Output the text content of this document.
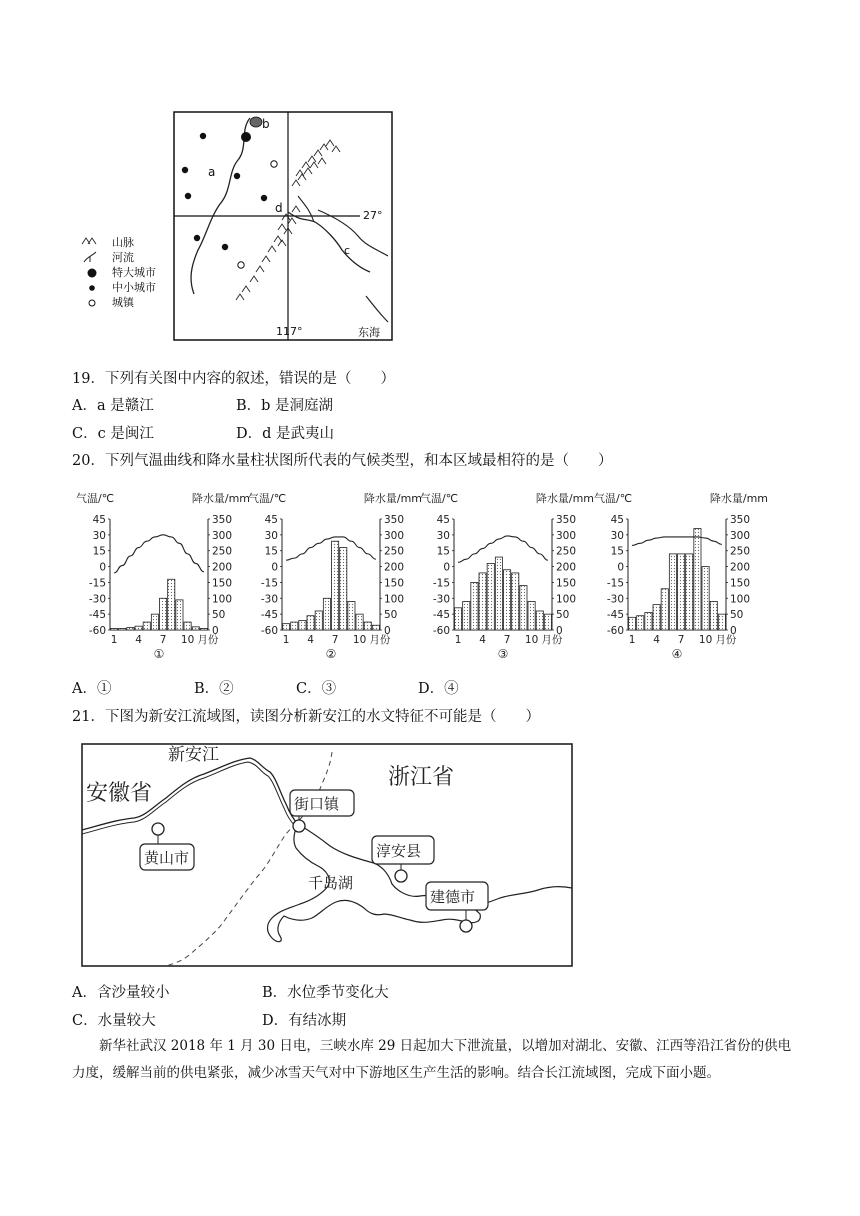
a
b
c
d
27°
117°	东海
山脉
河流
特大城市
中小城市
城镇
19．下列有关图中内容的叙述，错误的是（　　）
A．a 是赣江	B．b 是洞庭湖
C．c 是闽江	D．d 是武夷山
20．下列气温曲线和降水量柱状图所代表的气候类型，和本区域最相符的是（　　）
气温/℃	降水量/mm
45
30
15
0
-15
-30
-45
-60
350
300
250
200
150
100
50
0
1 4 7 10 月份
①
气温/℃	降水量/mm
45
30
15
0
-15
-30
-45
-60
350
300
250
200
150
100
50
0
1 4 7 10 月份
②
气温/℃	降水量/mm
45
30
15
0
-15
-30
-45
-60
350
300
250
200
150
100
50
0
1 4 7 10 月份
③
气温/℃	降水量/mm
45
30
15
0
-15
-30
-45
-60
350
300
250
200
150
100
50
0
1 4 7 10 月份
④
A．①	B．②	C．③	D．④
21．下图为新安江流域图，读图分析新安江的水文特征不可能是（　　）
新安江
安徽省
浙江省
黄山市
街口镇
淳安县
建德市
千岛湖
A．含沙量较小	B．水位季节变化大
C．水量较大	D．有结冰期
新华社武汉 2018 年 1 月 30 日电，三峡水库 29 日起加大下泄流量，以增加对湖北、安徽、江西等沿江省份的供电力度，缓解当前的供电紧张，减少冰雪天气对中下游地区生产生活的影响。结合长江流域图，完成下面小题。
